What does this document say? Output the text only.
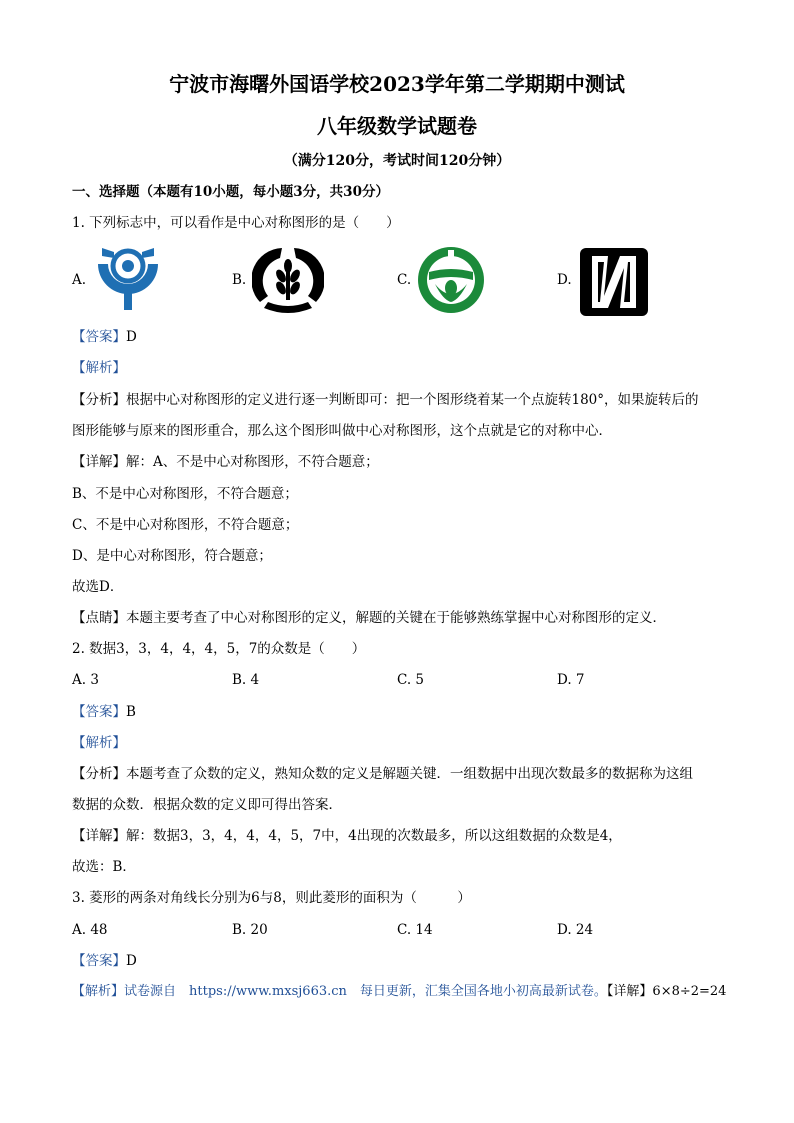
宁波市海曙外国语学校2023学年第二学期期中测试
八年级数学试题卷
（满分120分，考试时间120分钟）
一、选择题（本题有10小题，每小题3分，共30分）
1. 下列标志中，可以看作是中心对称图形的是（　　）
A.	B.	C.	D.
【答案】D
【解析】
【分析】根据中心对称图形的定义进行逐一判断即可：把一个图形绕着某一个点旋转180°，如果旋转后的
图形能够与原来的图形重合，那么这个图形叫做中心对称图形，这个点就是它的对称中心．
【详解】解：A、不是中心对称图形，不符合题意；
B、不是中心对称图形，不符合题意；
C、不是中心对称图形，不符合题意；
D、是中心对称图形，符合题意；
故选D．
【点睛】本题主要考查了中心对称图形的定义，解题的关键在于能够熟练掌握中心对称图形的定义．
2. 数据3，3，4，4，4，5，7的众数是（　　）
A. 3	B. 4	C. 5	D. 7
【答案】B
【解析】
【分析】本题考查了众数的定义，熟知众数的定义是解题关键．一组数据中出现次数最多的数据称为这组
数据的众数．根据众数的定义即可得出答案．
【详解】解：数据3，3，4，4，4，5，7中，4出现的次数最多，所以这组数据的众数是4，
故选：B．
3. 菱形的两条对角线长分别为6与8，则此菱形的面积为（　　　）
A. 48	B. 20	C. 14	D. 24
【答案】D
【解析】试卷源自　https://www.mxsj663.cn　每日更新，汇集全国各地小初高最新试卷。【详解】6×8÷2=24
